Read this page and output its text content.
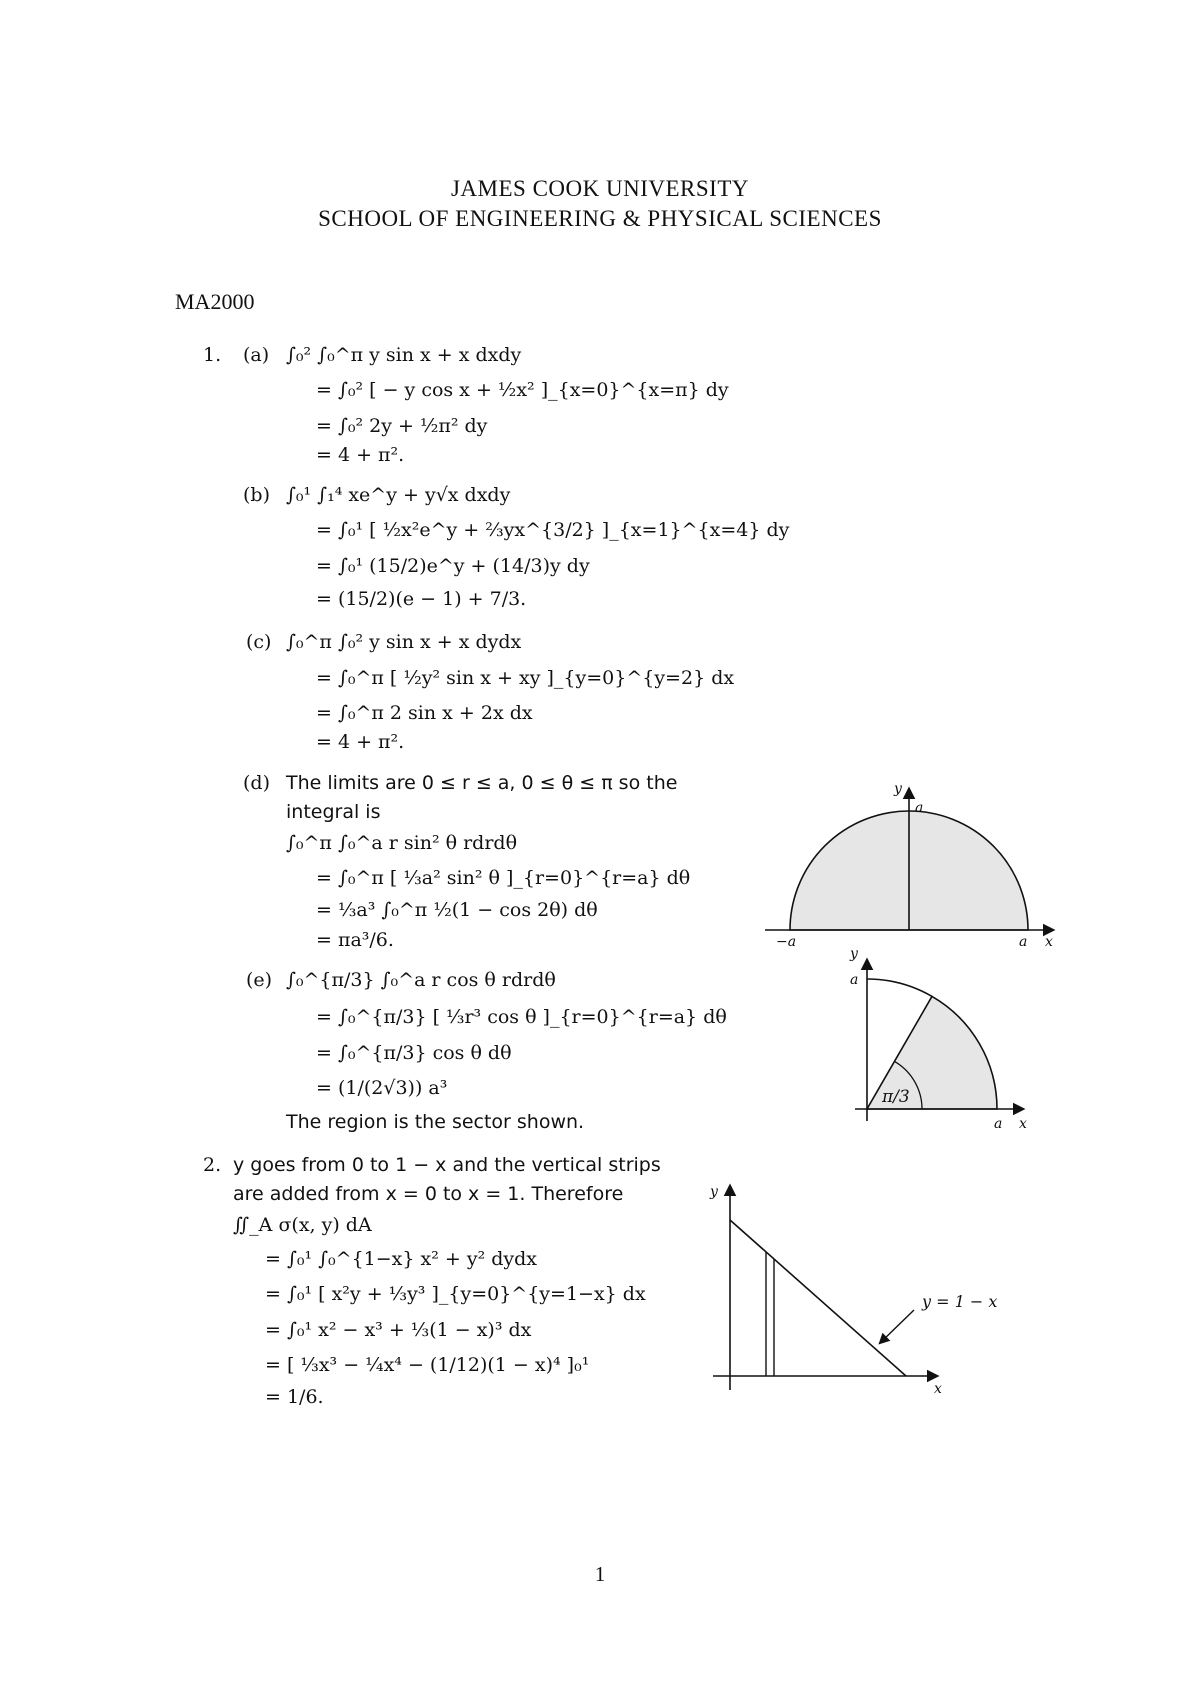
JAMES COOK UNIVERSITY
SCHOOL OF ENGINEERING & PHYSICAL SCIENCES
MA2000
1. (a) ∫₀² ∫₀^π y sin x + x dxdy
= ∫₀² [ − y cos x + ½x² ]_{x=0}^{x=π} dy
= ∫₀² 2y + ½π² dy
= 4 + π².
(b) ∫₀¹ ∫₁⁴ xe^y + y√x dxdy
= ∫₀¹ [ ½x²e^y + ⅔yx^{3/2} ]_{x=1}^{x=4} dy
= ∫₀¹ (15/2)e^y + (14/3)y dy
= (15/2)(e − 1) + 7/3.
(c) ∫₀^π ∫₀² y sin x + x dydx
= ∫₀^π [ ½y² sin x + xy ]_{y=0}^{y=2} dx
= ∫₀^π 2 sin x + 2x dx
= 4 + π².
(d) The limits are 0 ≤ r ≤ a, 0 ≤ θ ≤ π so the
integral is
∫₀^π ∫₀^a r sin² θ rdrdθ
= ∫₀^π [ ⅓a² sin² θ ]_{r=0}^{r=a} dθ
= ⅓a³ ∫₀^π ½(1 − cos 2θ) dθ
= πa³/6.
(e) ∫₀^{π/3} ∫₀^a r cos θ rdrdθ
= ∫₀^{π/3} [ ⅓r³ cos θ ]_{r=0}^{r=a} dθ
= ∫₀^{π/3} cos θ dθ
= (1/(2√3)) a³
The region is the sector shown.
2. y goes from 0 to 1 − x and the vertical strips
are added from x = 0 to x = 1. Therefore
∬_A σ(x, y) dA
= ∫₀¹ ∫₀^{1−x} x² + y² dydx
= ∫₀¹ [ x²y + ⅓y³ ]_{y=0}^{y=1−x} dx
= ∫₀¹ x² − x³ + ⅓(1 − x)³ dx
= [ ⅓x³ − ¼x⁴ − (1/12)(1 − x)⁴ ]₀¹
= 1/6.
y
a
−a	a x
y
a
π/3
a x
y
x
y = 1 − x
1
